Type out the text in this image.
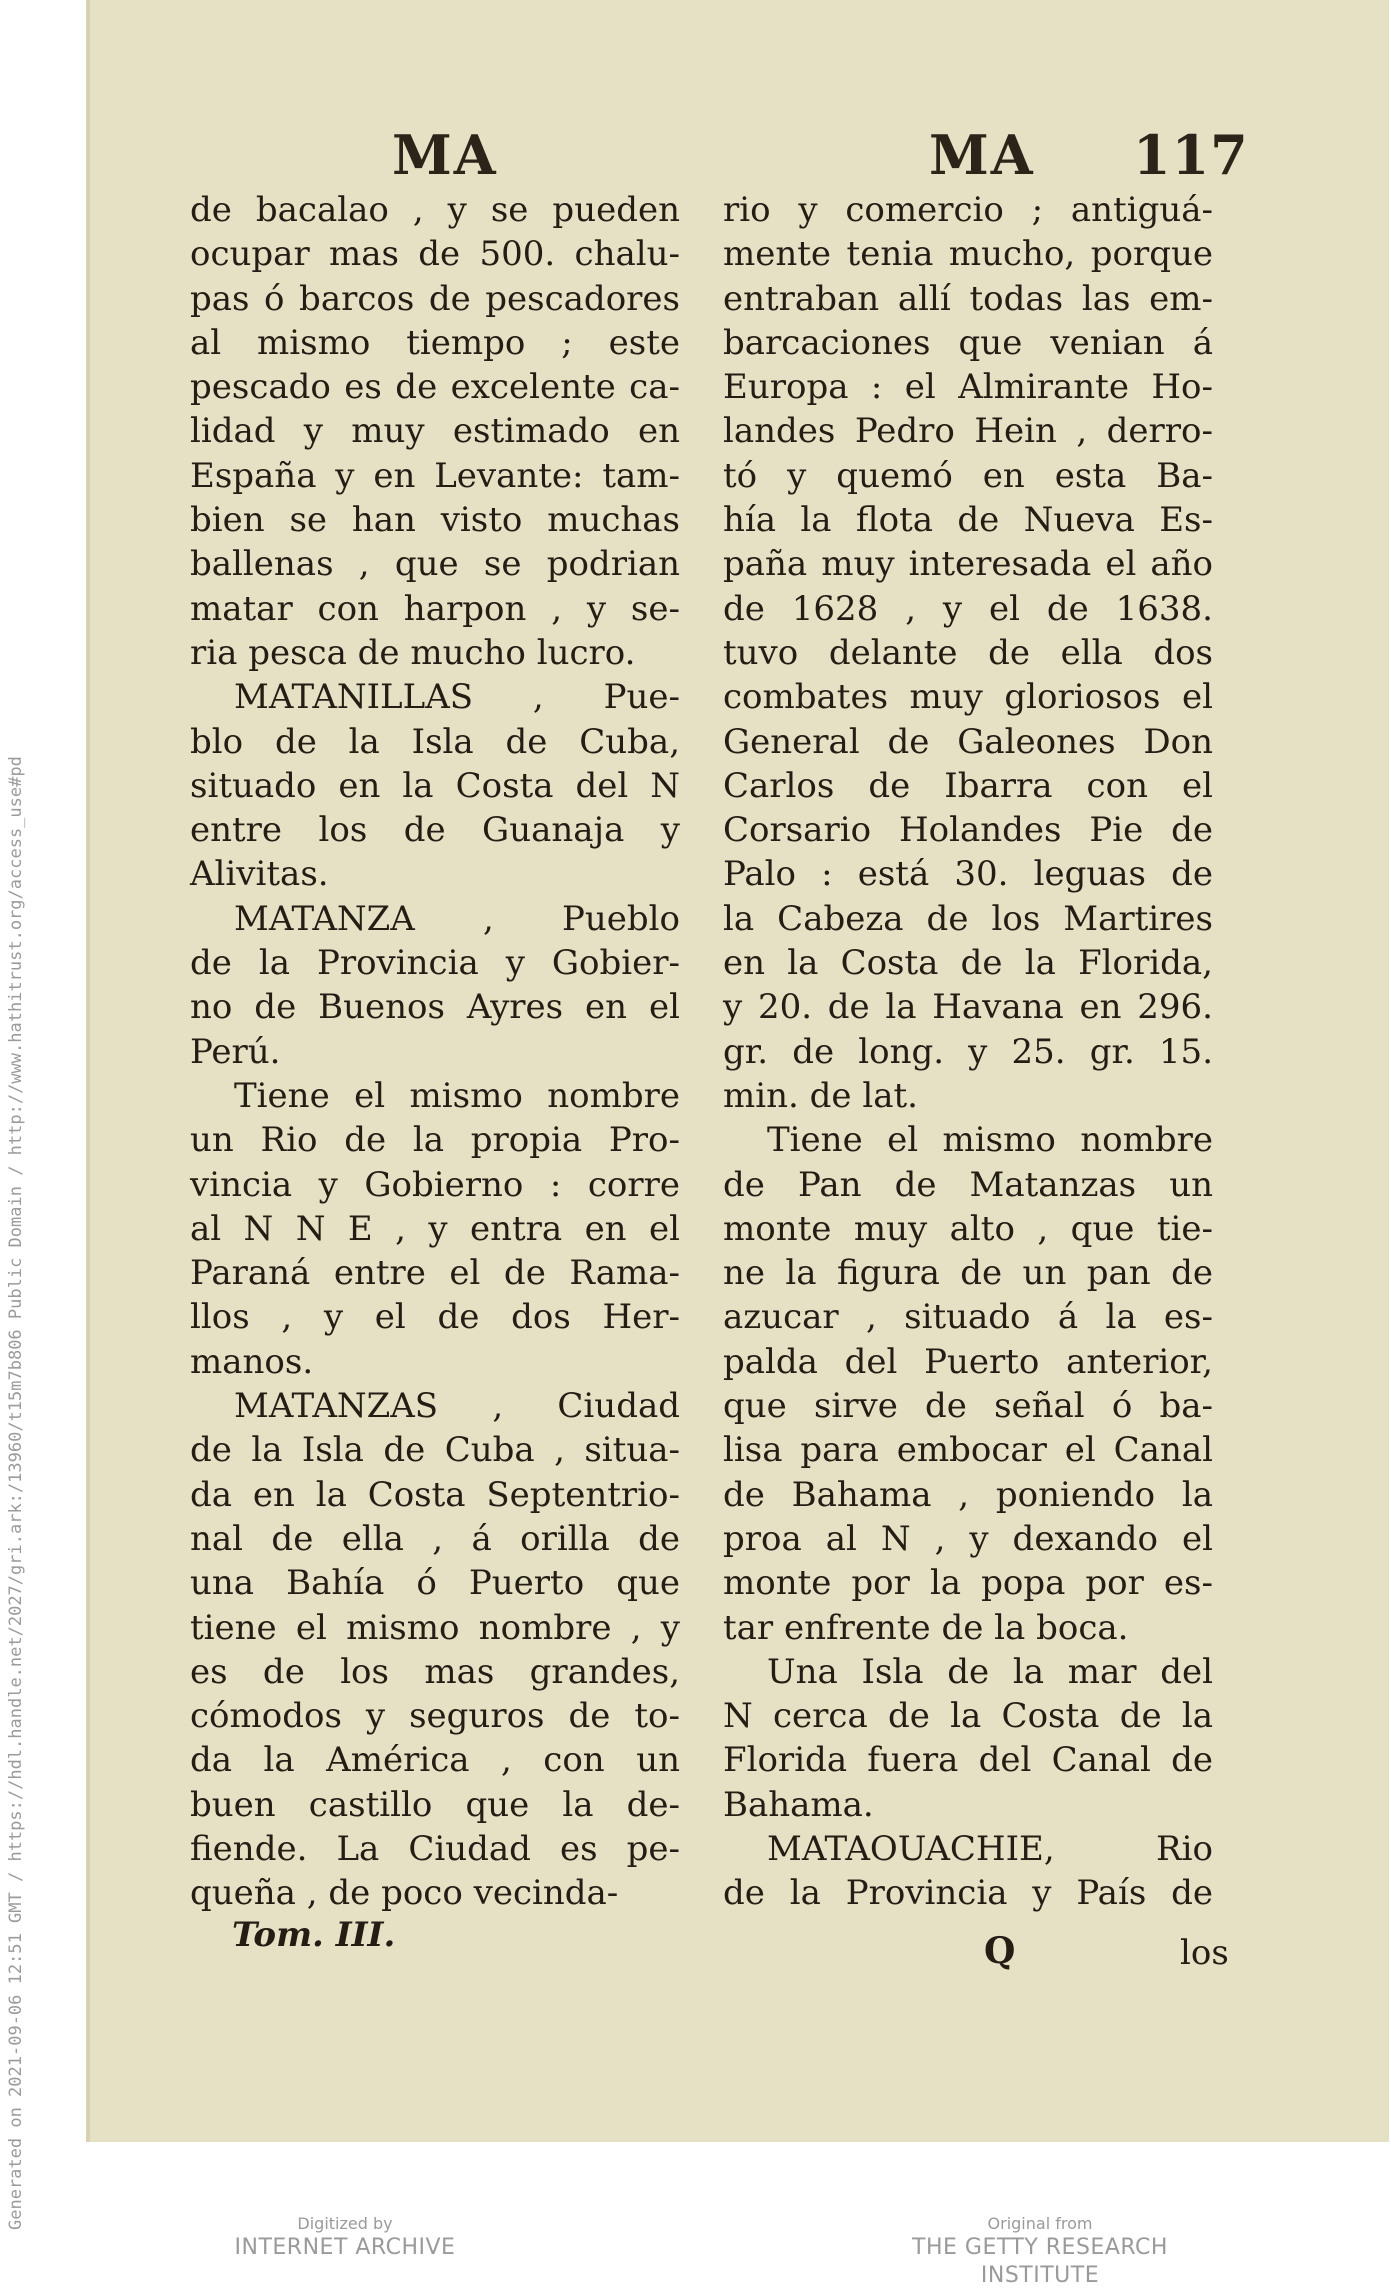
Generated on 2021-09-06 12:51 GMT / https://hdl.handle.net/2027/gri.ark:/13960/t15m7b806 Public Domain / http://www.hathitrust.org/access_use#pd
MA	MA 117
de bacalao , y se pueden
ocupar mas de 500. chalu-
pas ó barcos de pescadores
al mismo tiempo ; este
pescado es de excelente ca-
lidad y muy estimado en
España y en Levante: tam-
bien se han visto muchas
ballenas , que se podrian
matar con harpon , y se-
ria pesca de mucho lucro.
MATANILLAS , Pue-
blo de la Isla de Cuba,
situado en la Costa del N
entre los de Guanaja y
Alivitas.
MATANZA , Pueblo
de la Provincia y Gobier-
no de Buenos Ayres en el
Perú.
Tiene el mismo nombre
un Rio de la propia Pro-
vincia y Gobierno : corre
al N N E , y entra en el
Paraná entre el de Rama-
llos , y el de dos Her-
manos.
MATANZAS , Ciudad
de la Isla de Cuba , situa-
da en la Costa Septentrio-
nal de ella , á orilla de
una Bahía ó Puerto que
tiene el mismo nombre , y
es de los mas grandes,
cómodos y seguros de to-
da la América , con un
buen castillo que la de-
fiende. La Ciudad es pe-
queña , de poco vecinda-
rio y comercio ; antiguá-
mente tenia mucho, porque
entraban allí todas las em-
barcaciones que venian á
Europa : el Almirante Ho-
landes Pedro Hein , derro-
tó y quemó en esta Ba-
hía la flota de Nueva Es-
paña muy interesada el año
de 1628 , y el de 1638.
tuvo delante de ella dos
combates muy gloriosos el
General de Galeones Don
Carlos de Ibarra con el
Corsario Holandes Pie de
Palo : está 30. leguas de
la Cabeza de los Martires
en la Costa de la Florida,
y 20. de la Havana en 296.
gr. de long. y 25. gr. 15.
min. de lat.
Tiene el mismo nombre
de Pan de Matanzas un
monte muy alto , que tie-
ne la figura de un pan de
azucar , situado á la es-
palda del Puerto anterior,
que sirve de señal ó ba-
lisa para embocar el Canal
de Bahama , poniendo la
proa al N , y dexando el
monte por la popa por es-
tar enfrente de la boca.
Una Isla de la mar del
N cerca de la Costa de la
Florida fuera del Canal de
Bahama.
MATAOUACHIE, Rio
de la Provincia y País de
Tom. III.	Q	los
Digitized by
INTERNET ARCHIVE
Original from
THE GETTY RESEARCH INSTITUTE
